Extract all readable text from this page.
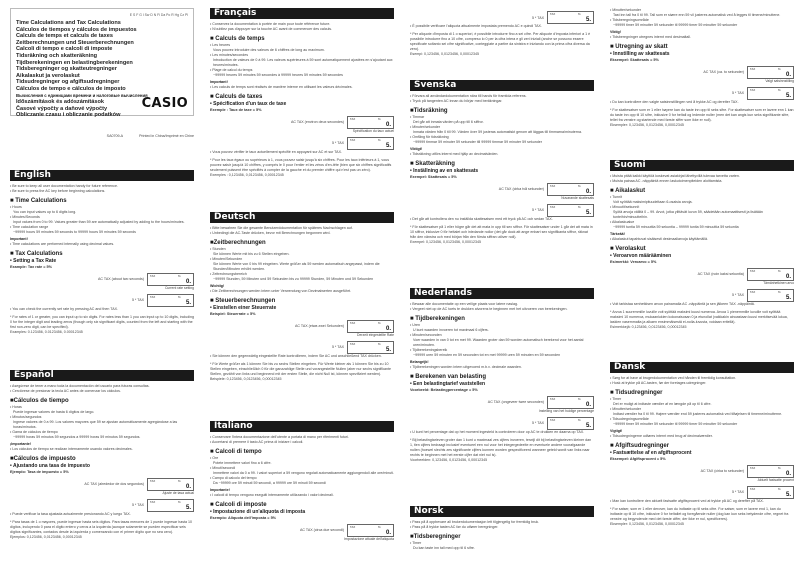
E S F G I Sw D N Fi Da Po R Hg Cz Pl
Time Calculations and Tax Calculations
Cálculos de tiempos y cálculos de impuestos
Calculs de temps et calculs de taxes
Zeitberechnungen und Steuerberechnungen
Calcoli di tempo e calcoli di imposte
Tidsräkning och skatteräkning
Tijdberekeningen en belastingberekeningen
Tidsberegninger og skatteutregninger
Aikalaskut ja verolaskut
Tidsudregninger og afgiftsudregninger
Cálculos de tempo e cálculos de imposto
Вычисления с единицами времени и налоговые вычисления
Időszámítások és adószámítások
Časové výpočty a daňové výpočty
Obliczanie czasu i obliczanie podatków
CASIO
SA0709-A	Printed in China/Imprimé en Chine
English
• Be sure to keep all user documentation handy for future reference.
• Be sure to press the AC key before beginning calculations.
■ Time Calculations
• Hours
You can input values up to 6 digits long.
• Minutes/Seconds
Input values from 0 to 99. Values greater than 59 are automatically adjusted by adding to the hours/minutes.
• Time calculation range
−99999 hours 59 minutes 59 seconds to 99999 hours 59 minutes 59 seconds
Important!
• Time calculations are performed internally using decimal values.
■ Tax Calculations
• Setting a Tax Rate
Example: Tax rate = 5%
AC TAX (about two seconds)
TAX	%
0.
Current rate setting
5 * TAX
TAX	%
5.
• You can check the currently set rate by pressing AC and then TAX.
* For rates of 1 or greater, you can input up to six digits. For rates less than 1 you can input up to 10 digits, including 0 for the integer digit and leading zeros (though only six significant digits, counted from the left and starting with the first non-zero digit, can be specified).
Examples: 0.123456, 0.0123456, 0.00012345
Español
• Asegúrese de tener a mano toda la documentación del usuario para futuras consultas.
• Cerciórese de presionar la tecla AC antes de comenzar los cálculos.
■Cálculos de tiempo
• Horas
Puede ingresar valores de hasta 6 dígitos de largo.
• Minutos/segundos
Ingrese valores de 0 a 99. Los valores mayores que 59 se ajustan automáticamente agregándose a las horas/minutos.
• Gama de cálculos de tiempo
−99999 horas 59 minutos 59 segundos a 99999 horas 59 minutos 59 segundos.
¡Importante!
• Los cálculos de tiempo se realizan internamente usando valores decimales.
■Cálculos de impuesto
• Ajustando una tasa de impuesto
Ejemplo: Tasa de impuesto = 5%
AC TAX (alrededor de dos segundos)
TAX	%
0.
Ajuste de tasa actual
5 * TAX
TAX	%
5.
• Puede verificar la tasa ajustada actualmente presionando AC y luego TAX.
* Para tasas de 1 o mayores, puede ingresar hasta seis dígitos. Para tasas menores de 1 puede ingresar hasta 10 dígitos, incluyendo 0 para el dígito entero y ceros a la izquierda (aunque solamente se pueden especificar seis dígitos significantes, contados desde la izquierda y comenzando con el primer dígito que no sea cero).
Ejemplos: 0,123456, 0,0123456, 0,00012345
Français
• Conservez la documentation à portée de main pour toute référence future.
• N'oubliez pas d'appuyer sur la touche AC avant de commencer des calculs.
■ Calculs de temps
• Les heures
Vous pouvez introduire des valeurs de 6 chiffres de long au maximum.
• Les minutes/secondes
Introduction de valeurs de 0 à 99. Les valeurs supérieures à 59 sont automatiquement ajustées en s'ajoutant aux heures/minutes.
• Plage de calcul du temps
−99999 heures 59 minutes 59 secondes à 99999 heures 59 minutes 59 secondes
Important!
• Les calculs de temps sont réalisés de manière interne en utilisant les valeurs décimales.
■ Calculs de taxes
• Spécification d'un taux de taxe
Exemple : Taux de taxe = 5%
AC TAX (environ deux secondes)
TAX	%
0.
Spécification du taux actuel
5 * TAX
TAX	%
5.
• Vous pouvez vérifier le taux actuellement spécifié en appuyant sur AC et sur TAX.
* Pour les taux égaux ou supérieurs à 1, vous pouvez saisir jusqu'à six chiffres. Pour les taux inférieurs à 1, vous pouvez saisir jusqu'à 10 chiffres, y compris le 0 pour l'entier et les zéros d'en-tête (bien que six chiffres significatifs seulement puissent être spécifiés à compter de la gauche et du premier chiffre qui n'est pas un zéro).
Exemples : 0,123456, 0,0123456, 0,00012345
Deutsch
• Bitte bewahren Sie die gesamte Benutzerdokumentation für späteres Nachschlagen auf.
• Unbedingt die AC-Taste drücken, bevor mit Berechnungen begonnen wird.
■Zeitberechnungen
• Stunden
Sie können Werte mit bis zu 6 Stellen eingeben.
• Minuten/Sekunden
Sie können Werte von 0 bis 99 eingeben. Werte größer als 59 werden automatisch angepasst, indem die Stunden/Minuten erhöht werden.
• Zeitrechnungsbereich
−99999 Stunden, 59 Minuten und 59 Sekunden bis zu 99999 Stunden, 59 Minuten und 59 Sekunden
Wichtig!
• Die Zeitberechnungen werden intern unter Verwendung von Dezimalwerten ausgeführt.
■ Steuerberechnungen
• Einstellen einer Steuerrate
Beispiel: Steuerrate = 5%
AC TAX (etwa zwei Sekunden)
TAX	%
0.
Derzeit eingestellte Rate
5 * TAX
TAX	%
5.
• Sie können den gegenwärtig eingestellte Rate kontrollieren, indem Sie AC und anschließend TAX drücken.
* Für Werte größer als 1 können Sie bis zu sechs Stellen eingeben. Für Werte kleiner als 1 können Sie bis zu 10 Stellen eingeben, einschließlich 0 für die ganzzahlige Stelle und vorangestellte Nullen (aber nur sechs signifikante Stellen, gezählt von links und beginnend mit der ersten Stelle, die nicht Null ist, können spezifiziert werden).
Beispiele: 0,123456, 0,0123456, 0,00012345
Italiano
• Conservare l'intera documentazione dell'utente a portata di mano per riferimenti futuri.
• Accertarsi di premere il tasto AC prima di iniziare i calcoli.
■ Calcoli di tempo
• Ore
Potete immettere valori fino a 6 cifre.
• Minuti/secondi
Immettere valori da 0 a 99. I valori superiori a 59 vengono regolati automaticamente aggiungendoli alle ore/minuti.
• Campo di calcolo del tempo
Da −99999 ore 59 minuti 59 secondi, a 99999 ore 59 minuti 59 secondi
Importante!
• I calcoli di tempo vengono eseguiti internamente utilizzando i valori decimali.
■ Calcoli di imposte
• Impostazione di un'aliquota di imposta
Esempio: Aliquota dell'imposta = 5%
AC TAX (circa due secondi)
TAX	%
0.
Impostazione attuale dell'aliquota
5 * TAX
TAX	%
5.
• È possibile verificare l'aliquota attualmente impostata premendo AC e quindi TAX.
* Per aliquote d'imposta di 1 o superiori, è possibile introdurre fino a sei cifre. Per aliquote d'imposta inferiori a 1 è possibile introdurre fino a 10 cifre, compreso lo 0 per la cifra intera e gli zeri iniziali (anche se possono essere specificate soltanto sei cifre significative, conteggiate a partire da sinistra e iniziando con la prima cifra diversa da zero).
Esempi: 0,123456, 0,0123456, 0,00012345
Svenska
• Förvara all användardokumentation nära till hands för framtida referens.
• Tryck på tangenten AC innan du börjar med beräkningar.
■Tidsräkning
• Timmar
Det går att inmata värden på upp till 6 siffror.
• Minuter/sekunder
Inmata värden från 0 till 99. Värden över 59 justeras automatiskt genom att läggas till timmarna/minuterna.
• Omfång för tidsräkning
−99999 timmar 59 minuter 59 sekunder till 99999 timmar 59 minuter 59 sekunder
Viktigt!
• Tidsräkning utförs internt med hjälp av decimalvärden.
■ Skatteräkning
• Inställning av en skattesats
Exempel: Skattesats = 5%
AC TAX (cirka två sekunder)
TAX	%
0.
Nuvarande skattesats
5 * TAX
TAX	%
5.
• Det går att kontrollera den nu inställda skattesatsen med ett tryck på AC och sedan TAX.
* För skattesatser på 1 eller högre går det att mata in upp till sex siffror. För skattesatser under 1 går det att mata in 10 siffror, inklusive 0 för heltalet och inledande nollor (det går dock att ange enbart sex signifikanta siffror, räknat från den vänstra och med början från den första siffran utöver noll).
Exempel: 0,123456, 0,0123456, 0,00012345
Nederlands
• Bewaar alle documentatie op een veilige plaats voor latere naslag.
• Vergeet niet op de AC toets te drukken alvorens te beginnen met het uitvoeren van berekeningen.
■ Tijdberekeningen
• Uren
U kunt waarden invoeren tot maximaal 6 cijfers.
• Minuten/seconden
Voer waarden in van 0 tot en met 99. Waarden groter dan 59 worden automatisch berekend voor het aantal uren/minuten.
• Tijdberekeningsbereik
−99999 uren 59 minuten en 59 seconden tot en met 99999 uren 59 minuten en 59 seconden
Belangrijk!
• Tijdberekeningen worden intern uitgevoerd m.b.v. decimale waarden.
■ Berekenen van belasting
• Een belastingtarief vaststellen
Voorbeeld: Belastingpercentage = 5%
AC TAX (ongeveer twee seconden)
TAX	%
0.
Instelling van het huidige percentage
5 * TAX
TAX	%
5.
• U kunt het percentage dat op het moment ingesteld is controleren door op AC te drukken en daarna op TAX.
* Bij belastingtarieven groter dan 1 kunt u maximaal zes cijfers invoeren, terwijl dit bij belastingtarieven kleiner dan 1, tien cijfers bedraagt inclusief eventueel een nul voor het integergedeelte en eventuele andere voorafgaande nullen (hoewel slechts zes significante cijfers kunnen worden gespecificeerd wanneer geteld wordt van links naar rechts te beginnen met het eerste cijfer dat niet nul is).
Voorbeelden: 0,123456, 0,0123456, 0,00012345
Norsk
• Pass på å oppbevare all brukerdokumentasjon lett tilgjengelig for fremtidig bruk.
• Pass på å trykke tasten AC før du utfører beregninger.
■Tidsberegninger
• Timer
Du kan taste inn tall med opp til 6 sifre.
• Minutter/sekunder
Tast inn tall fra 0 til 99. Tall som er større enn 59 vil justeres automatisk ved å legges til timene/minuttene.
• Tidsberegningsområde
−99999 timer 59 minutter 59 sekunder til 99999 timer 59 minutter 59 sekunder
Viktig!
• Tidsberegninger utregnes internt med desimaltall.
■ Utregning av skatt
• Innstilling av skattesats
Eksempel: Skattesats = 5%
AC TAX (ca. to sekunder)
TAX	%
0.
Valgt satsinnstilling
5 * TAX
TAX	%
5.
• Du kan kontrollere den valgte satsinnstillingen ved å trykke AC og deretter TAX.
* For skattesatser som er 1 eller høyere kan du taste inn opp til seks sifre. For skattesatser som er lavere enn 1 kan du taste inn opp til 10 sifre, inklusive 0 for heltall og ledende nuller (men det kan angis kun seks signifikante sifre, tellet fra venstre og startende med første siffer som ikke er null).
Eksempler: 0,123456, 0,0123456, 0,00012345
Suomi
• Muista pitää kaikki käyttöä koskevat asiakirjat lähettyvillä tulevaa tarvetta varten.
• Muista painaa AC -näppäintä ennen laskutoimenpiteiden aloittamista.
■ Aikalaskut
• Tunnit
Voit syöttää maksimipituudeltaan 6-osaisia arvoja.
• Minuutit/sekunnit
Syötä arvoja väliltä 0 – 99. Arvot, jotka ylittävät luvun 59, säädetään automaattisesti ja lisätään tunteihin/minuutteihin.
• Aikalaskualue
−99999 tuntia 59 minuuttia 59 sekuntia – 99999 tuntia 59 minuuttia 59 sekuntia
Tärkeää!
• Aikalaskut tapahtuvat sisäisesti desimaaliarvoja käyttämällä.
■ Verolaskut
• Veroarvon määrääminen
Esimerkki: Veroarvo = 5%
AC TAX (noin kaksi sekuntia)
TAX	%
0.
Tämänhetkinen arvo
5 * TAX
TAX	%
5.
• Voit tarkistaa senhetkisen arvon painamalla AC -näppäintä ja sen jälkeen TAX -näppäintä.
* Arvoa 1 suuremmille luvuille voit syöttää maksimi kuusi numeroa. Arvoa 1 pienemmille luvuille voit syöttää maksimi 10 numeroa, mukaanlukien kokonaisosan 0 ja etunollat (vaikkakin ainoastaan kuusi merkitsevää lukua, laskien vasemmalta ja alkaen ensimmäisestä ei-nolla-luvusta, voidaan eritellä).
Esimerkkejä: 0,123456, 0,0123456, 0,00012345
Dansk
• Sørg for at have al brugerdokumentation ved hånden til fremtidig konsultation.
• Husk at trykke på AC-tasten, før der foretages udregninger.
■ Tidsudregninger
• Timer
Det er muligt at indtaste værdier af en længde på op til 6 cifre.
• Minutter/sekunder
Indtast værdier fra 0 til 99. Højere værdier end 59 justeres automatisk ved tilføjelsen til timerne/minutterne.
• Tidsudregningsområde
−99999 timer 59 minutter 59 sekunder til 99999 timer 59 minutter 59 sekunder
Vigtigt!
• Tidsudregningerne udføres internt med brug af decimalværdier.
■ Afgiftsudregninger
• Fastsættelse af en afgiftsprocent
Eksempel: Afgiftsprocent = 5%
AC TAX (cirka to sekunder)
TAX	%
0.
Aktuelt fastsatte procent
5 * TAX
TAX	%
5.
• Man kan kontrollere den aktuelt fastsatte afgiftsprocent ved at trykke på AC og derefter på TAX.
* For satser, som er 1 eller derover, kan du indtaste op til seks cifre. For satser, som er lavere end 1, kan du indtaste op til 10 cifre, inklusive 0 for heltallet og foregående nuller (dog kan kun seks betydende cifre, regnet fra venstre og begyndende med det første ciffer, der ikke er nul, specificeres).
Eksempler: 0,123456, 0,0123456, 0,00012345
